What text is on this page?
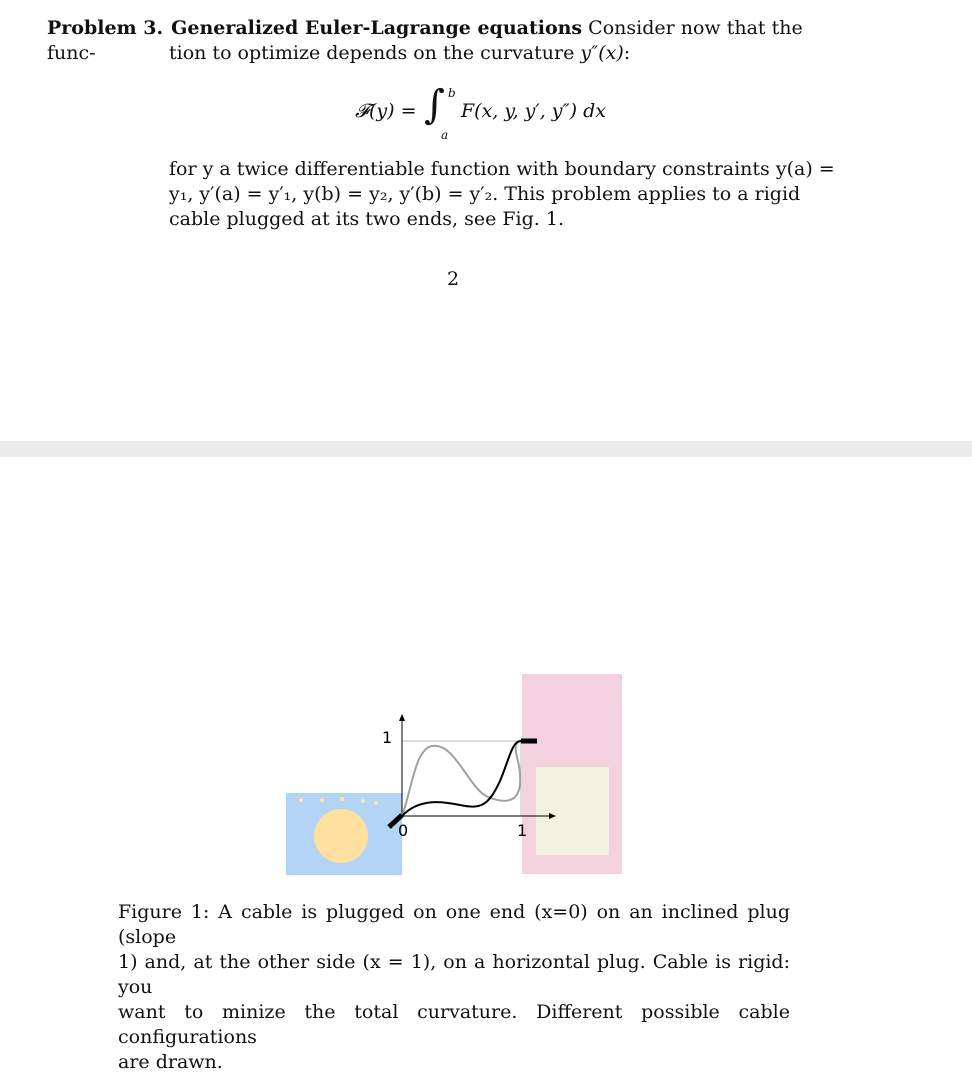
Problem 3. Generalized Euler-Lagrange equations Consider now that the func-	tion to optimize depends on the curvature y″(x):
𝓕(y) = ∫ b
a
F(x, y, y′, y″) dx
for y a twice differentiable function with boundary constraints y(a) =
y₁, y′(a) = y′₁, y(b) = y₂, y′(b) = y′₂. This problem applies to a rigid
cable plugged at its two ends, see Fig. 1.
2
1
0	1
Figure 1: A cable is plugged on one end (x=0) on an inclined plug (slope
1) and, at the other side (x = 1), on a horizontal plug. Cable is rigid: you
want to minize the total curvature. Different possible cable configurations
are drawn.
